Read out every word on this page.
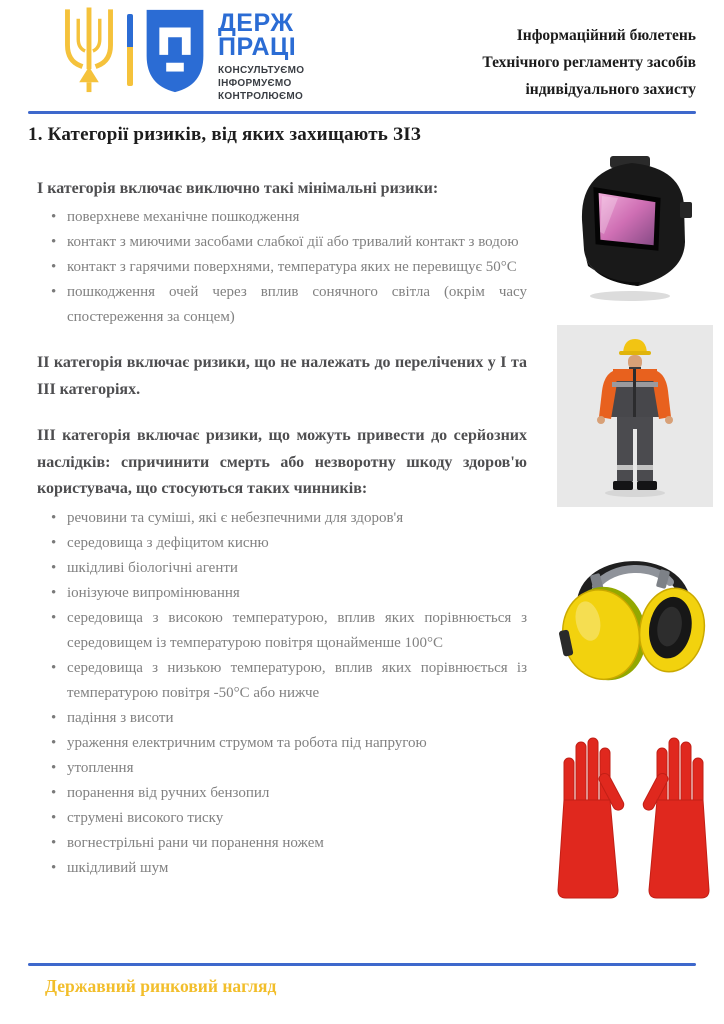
ДЕРЖ
ПРАЦІ
КОНСУЛЬТУЄМО
ІНФОРМУЄМО
КОНТРОЛЮЄМО
Інформаційний бюлетень
Технічного регламенту засобів
індивідуального захисту
1. Категорії ризиків, від яких захищають ЗІЗ

І категорія включає виключно такі мінімальні ризики:

• поверхневе механічне пошкодження
• контакт з миючими засобами слабкої дії або тривалий контакт з водою
• контакт з гарячими поверхнями, температура яких не перевищує 50°С
• пошкодження очей через вплив сонячного світла (окрім часу спостереження за сонцем)

ІІ категорія включає ризики, що не належать до перелічених у І та ІІІ категоріях.

ІІІ категорія включає ризики, що можуть привести до серйозних наслідків: спричинити смерть або незворотну шкоду здоров'ю користувача, що стосуються таких чинників:

• речовини та суміші, які є небезпечними для здоров'я
• середовища з дефіцитом кисню
• шкідливі біологічні агенти
• іонізуюче випромінювання
• середовища з високою температурою, вплив яких порівнюється з середовищем із температурою повітря щонайменше 100°С
• середовища з низькою температурою, вплив яких порівнюється із температурою повітря -50°С або нижче
• падіння з висоти
• ураження електричним струмом та робота під напругою
• утоплення
• поранення від ручних бензопил
• струмені високого тиску
• вогнестрільні рани чи поранення ножем
• шкідливий шум
Державний ринковий нагляд
